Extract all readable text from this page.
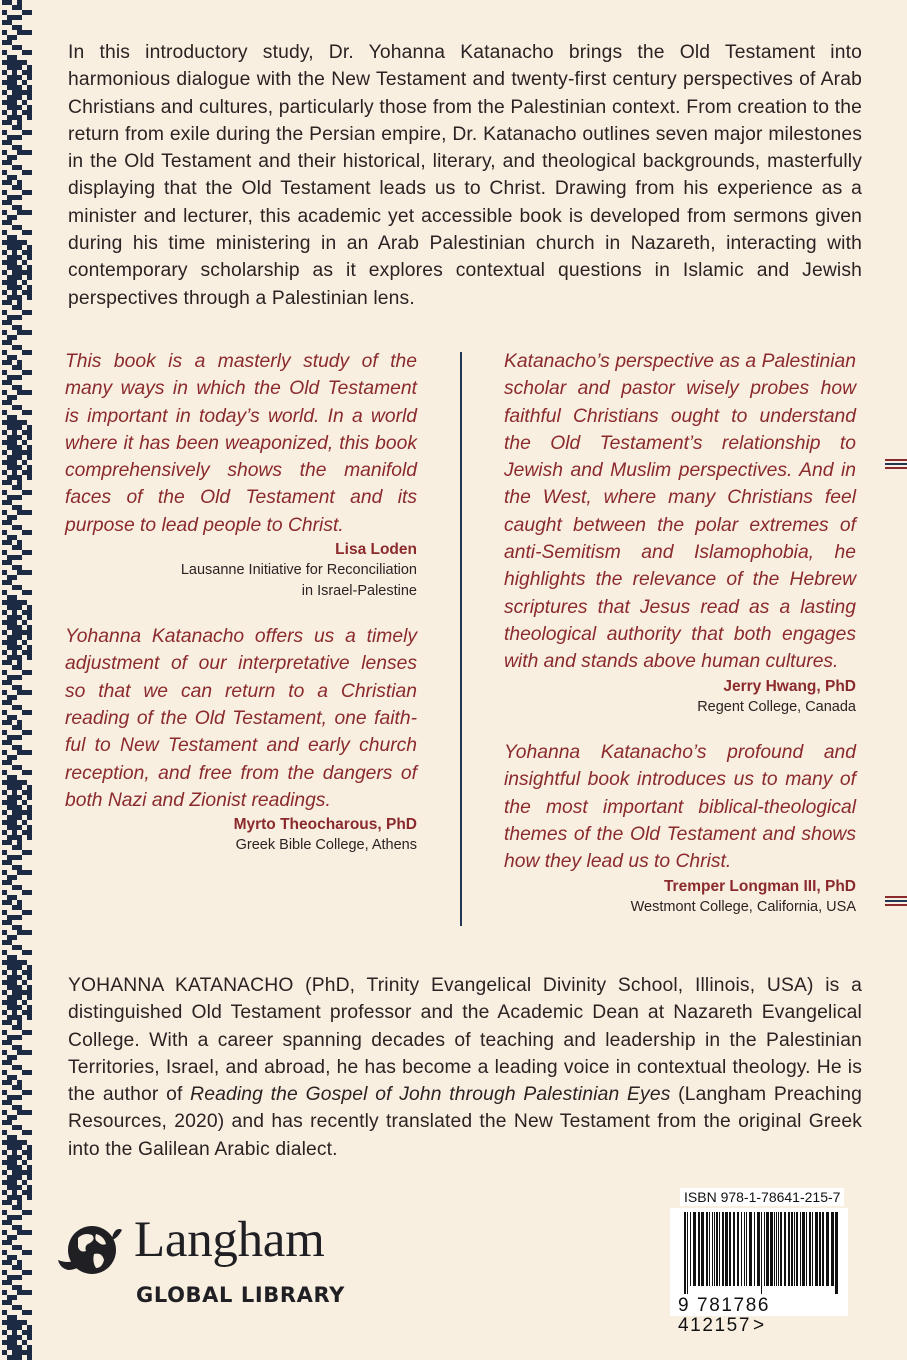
In this introductory study, Dr. Yohanna Katanacho brings the Old Testament into harmonious dialogue with the New Testament and twenty-first century perspectives of Arab Christians and cultures, particularly those from the Palestinian context. From creation to the return from exile during the Persian empire, Dr. Katanacho outlines seven major milestones in the Old Testament and their historical, literary, and theological backgrounds, masterfully displaying that the Old Testament leads us to Christ. Drawing from his experience as a minister and lecturer, this academic yet accessible book is developed from sermons given during his time ministering in an Arab Palestinian church in Nazareth, interacting with contemporary scholarship as it explores contextual questions in Islamic and Jewish perspectives through a Palestinian lens.

This book is a masterly study of the many ways in which the Old Testament is important in today’s world. In a world where it has been weaponized, this book comprehensively shows the manifold faces of the Old Testament and its purpose to lead people to Christ.

Lisa Loden
Lausanne Initiative for Reconciliation
in Israel-Palestine

Yohanna Katanacho offers us a timely adjustment of our interpretative lenses so that we can return to a Christian reading of the Old Testament, one faithful to New Testament and early church reception, and free from the dangers of both Nazi and Zionist readings.

Myrto Theocharous, PhD
Greek Bible College, Athens

Katanacho’s perspective as a Palestinian scholar and pastor wisely probes how faithful Christians ought to understand the Old Testament’s relationship to Jewish and Muslim perspectives. And in the West, where many Christians feel caught between the polar extremes of anti-Semitism and Islamophobia, he highlights the relevance of the Hebrew scriptures that Jesus read as a lasting theological authority that both engages with and stands above human cultures.

Jerry Hwang, PhD
Regent College, Canada

Yohanna Katanacho’s profound and insightful book introduces us to many of the most important biblical-theological themes of the Old Testament and shows how they lead us to Christ.

Tremper Longman III, PhD
Westmont College, California, USA

YOHANNA KATANACHO (PhD, Trinity Evangelical Divinity School, Illinois, USA) is a distinguished Old Testament professor and the Academic Dean at Nazareth Evangelical College. With a career spanning decades of teaching and leadership in the Palestinian Territories, Israel, and abroad, he has become a leading voice in contextual theology. He is the author of Reading the Gospel of John through Palestinian Eyes (Langham Preaching Resources, 2020) and has recently translated the New Testament from the original Greek into the Galilean Arabic dialect.

Langham
GLOBAL LIBRARY	9 781786 412157 >
ISBN 978-1-78641-215-7
